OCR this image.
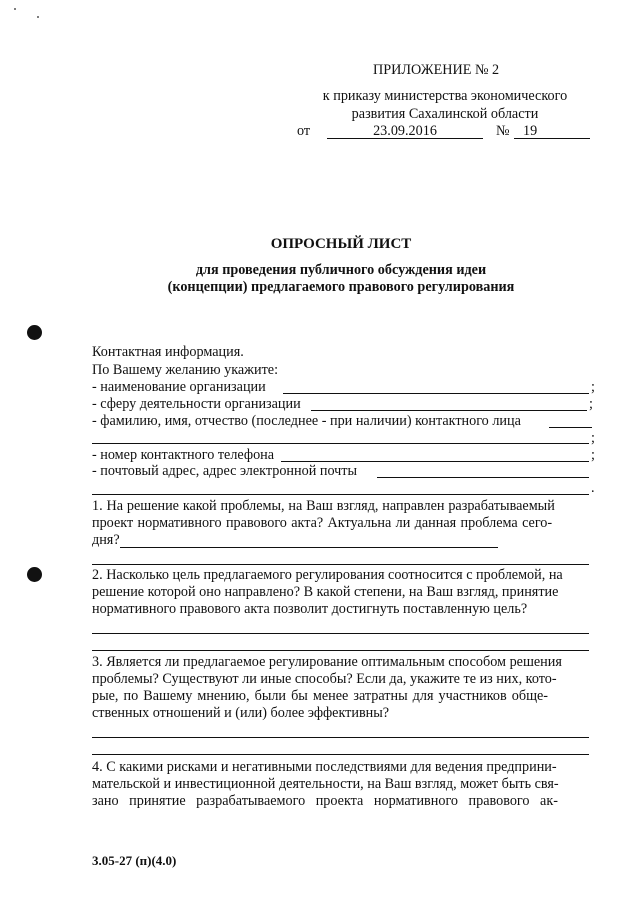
ПРИЛОЖЕНИЕ № 2
к приказу министерства экономического
развития Сахалинской области
от	23.09.2016	№ 19
ОПРОСНЫЙ ЛИСТ
для проведения публичного обсуждения идеи
(концепции) предлагаемого правового регулирования
Контактная информация.
По Вашему желанию укажите:
- наименование организации	;
- сферу деятельности организации	;
- фамилию, имя, отчество (последнее - при наличии) контактного лица
;
- номер контактного телефона	;
- почтовый адрес, адрес электронной почты
.
1. На решение какой проблемы, на Ваш взгляд, направлен разрабатываемый
проект нормативного правового акта? Актуальна ли данная проблема сего-
дня?
2. Насколько цель предлагаемого регулирования соотносится с проблемой, на
решение которой оно направлено? В какой степени, на Ваш взгляд, принятие
нормативного правового акта позволит достигнуть поставленную цель?
3. Является ли предлагаемое регулирование оптимальным способом решения
проблемы? Существуют ли иные способы? Если да, укажите те из них, кото-
рые, по Вашему мнению, были бы менее затратны для участников обще-
ственных отношений и (или) более эффективны?
4. С какими рисками и негативными последствиями для ведения предприни-
мательской и инвестиционной деятельности, на Ваш взгляд, может быть свя-
зано принятие разрабатываемого проекта нормативного правового ак-
3.05-27 (п)(4.0)
